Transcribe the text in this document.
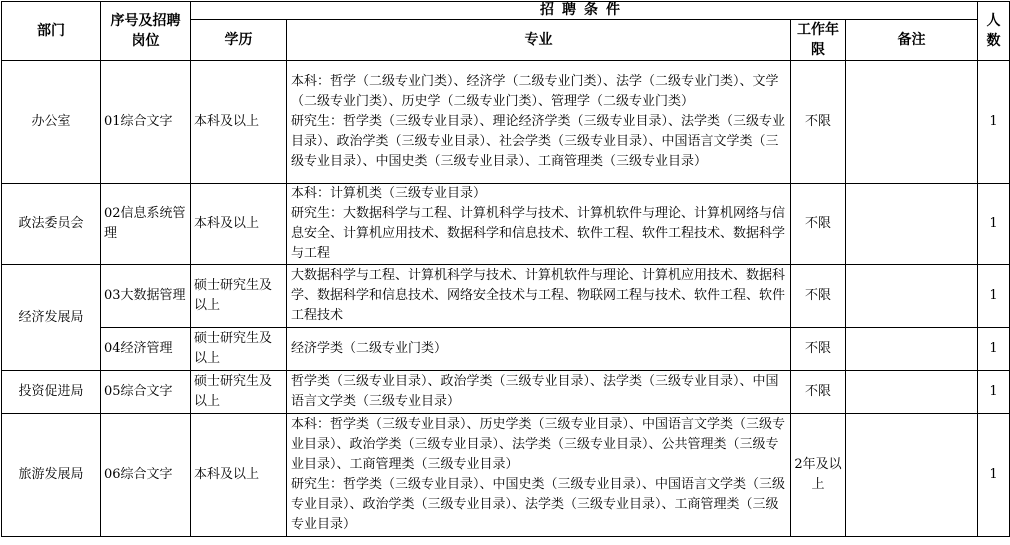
部门	序号及招聘岗位	招聘条件				人数
		学历	专业	工作年限	备注	
办公室	01综合文字	本科及以上	本科：哲学（二级专业门类）、经济学（二级专业门类）、法学（二级专业门类）、文学（二级专业门类）、历史学（二级专业门类）、管理学（二级专业门类）
研究生：哲学类（三级专业目录）、理论经济学类（三级专业目录）、法学类（三级专业目录）、政治学类（三级专业目录）、社会学类（三级专业目录）、中国语言文学类（三级专业目录）、中国史类（三级专业目录）、工商管理类（三级专业目录）	不限		1
政法委员会	02信息系统管理	本科及以上	本科：计算机类（三级专业目录）
研究生：大数据科学与工程、计算机科学与技术、计算机软件与理论、计算机网络与信息安全、计算机应用技术、数据科学和信息技术、软件工程、软件工程技术、数据科学与工程	不限		1
经济发展局	03大数据管理	硕士研究生及以上	大数据科学与工程、计算机科学与技术、计算机软件与理论、计算机应用技术、数据科学、数据科学和信息技术、网络安全技术与工程、物联网工程与技术、软件工程、软件工程技术	不限		1
	04经济管理	硕士研究生及以上	经济学类（二级专业门类）	不限		1
投资促进局	05综合文字	硕士研究生及以上	哲学类（三级专业目录）、政治学类（三级专业目录）、法学类（三级专业目录）、中国语言文学类（三级专业目录）	不限		1
旅游发展局	06综合文字	本科及以上	本科：哲学类（三级专业目录）、历史学类（三级专业目录）、中国语言文学类（三级专业目录）、政治学类（三级专业目录）、法学类（三级专业目录）、公共管理类（三级专业目录）、工商管理类（三级专业目录）
研究生：哲学类（三级专业目录）、中国史类（三级专业目录）、中国语言文学类（三级专业目录）、政治学类（三级专业目录）、法学类（三级专业目录）、工商管理类（三级专业目录）	2年及以上		1
